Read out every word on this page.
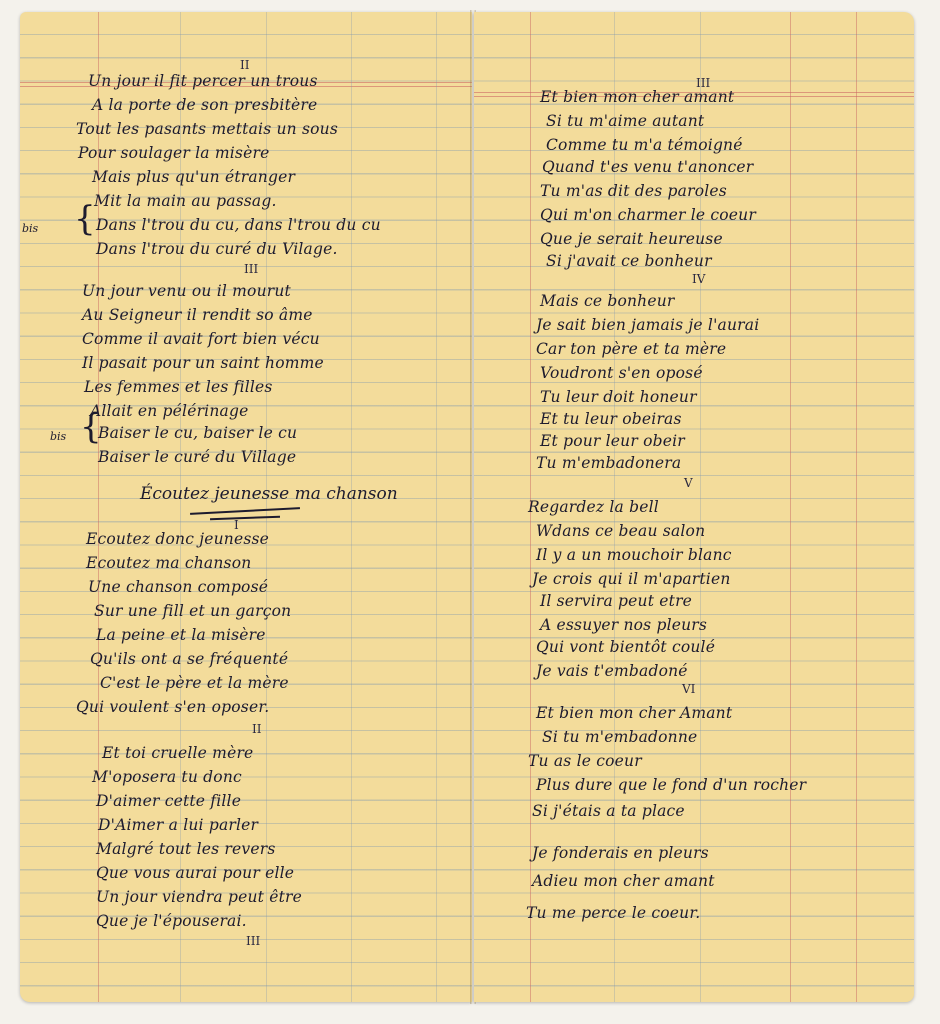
II
Un jour il fit percer un trous
A la porte de son presbitère
Tout les pasants mettais un sous
Pour soulager la misère
Mais plus qu'un étranger
Mit la main au passag.
bis { Dans l'trou du cu, dans l'trou du cu
Dans l'trou du curé du Vilage.
III
Un jour venu ou il mourut
Au Seigneur il rendit so âme
Comme il avait fort bien vécu
Il pasait pour un saint homme
Les femmes et les filles
Allait en pélérinage
bis {
Baiser le cu, baiser le cu
Baiser le curé du Village
Écoutez jeunesse ma chanson
I
Ecoutez donc jeunesse
Ecoutez ma chanson
Une chanson composé
Sur une fill et un garçon
La peine et la misère
Qu'ils ont a se fréquenté
C'est le père et la mère
Qui voulent s'en oposer.
II
Et toi cruelle mère
M'oposera tu donc
D'aimer cette fille
D'Aimer a lui parler
Malgré tout les revers
Que vous aurai pour elle
Un jour viendra peut être
Que je l'épouserai.
III
III
Et bien mon cher amant
Si tu m'aime autant
Comme tu m'a témoigné
Quand t'es venu t'anoncer
Tu m'as dit des paroles
Qui m'on charmer le coeur
Que je serait heureuse
Si j'avait ce bonheur
IV
Mais ce bonheur
Je sait bien jamais je l'aurai
Car ton père et ta mère
Voudront s'en oposé
Tu leur doit honeur
Et tu leur obeiras
Et pour leur obeir
Tu m'embadonera
V
Regardez la bell
Wdans ce beau salon
Il y a un mouchoir blanc
Je crois qui il m'apartien
Il servira peut etre
A essuyer nos pleurs
Qui vont bientôt coulé
Je vais t'embadoné
VI
Et bien mon cher Amant
Si tu m'embadonne
Tu as le coeur
Plus dure que le fond d'un rocher
Si j'étais a ta place
Je fonderais en pleurs
Adieu mon cher amant
Tu me perce le coeur.
